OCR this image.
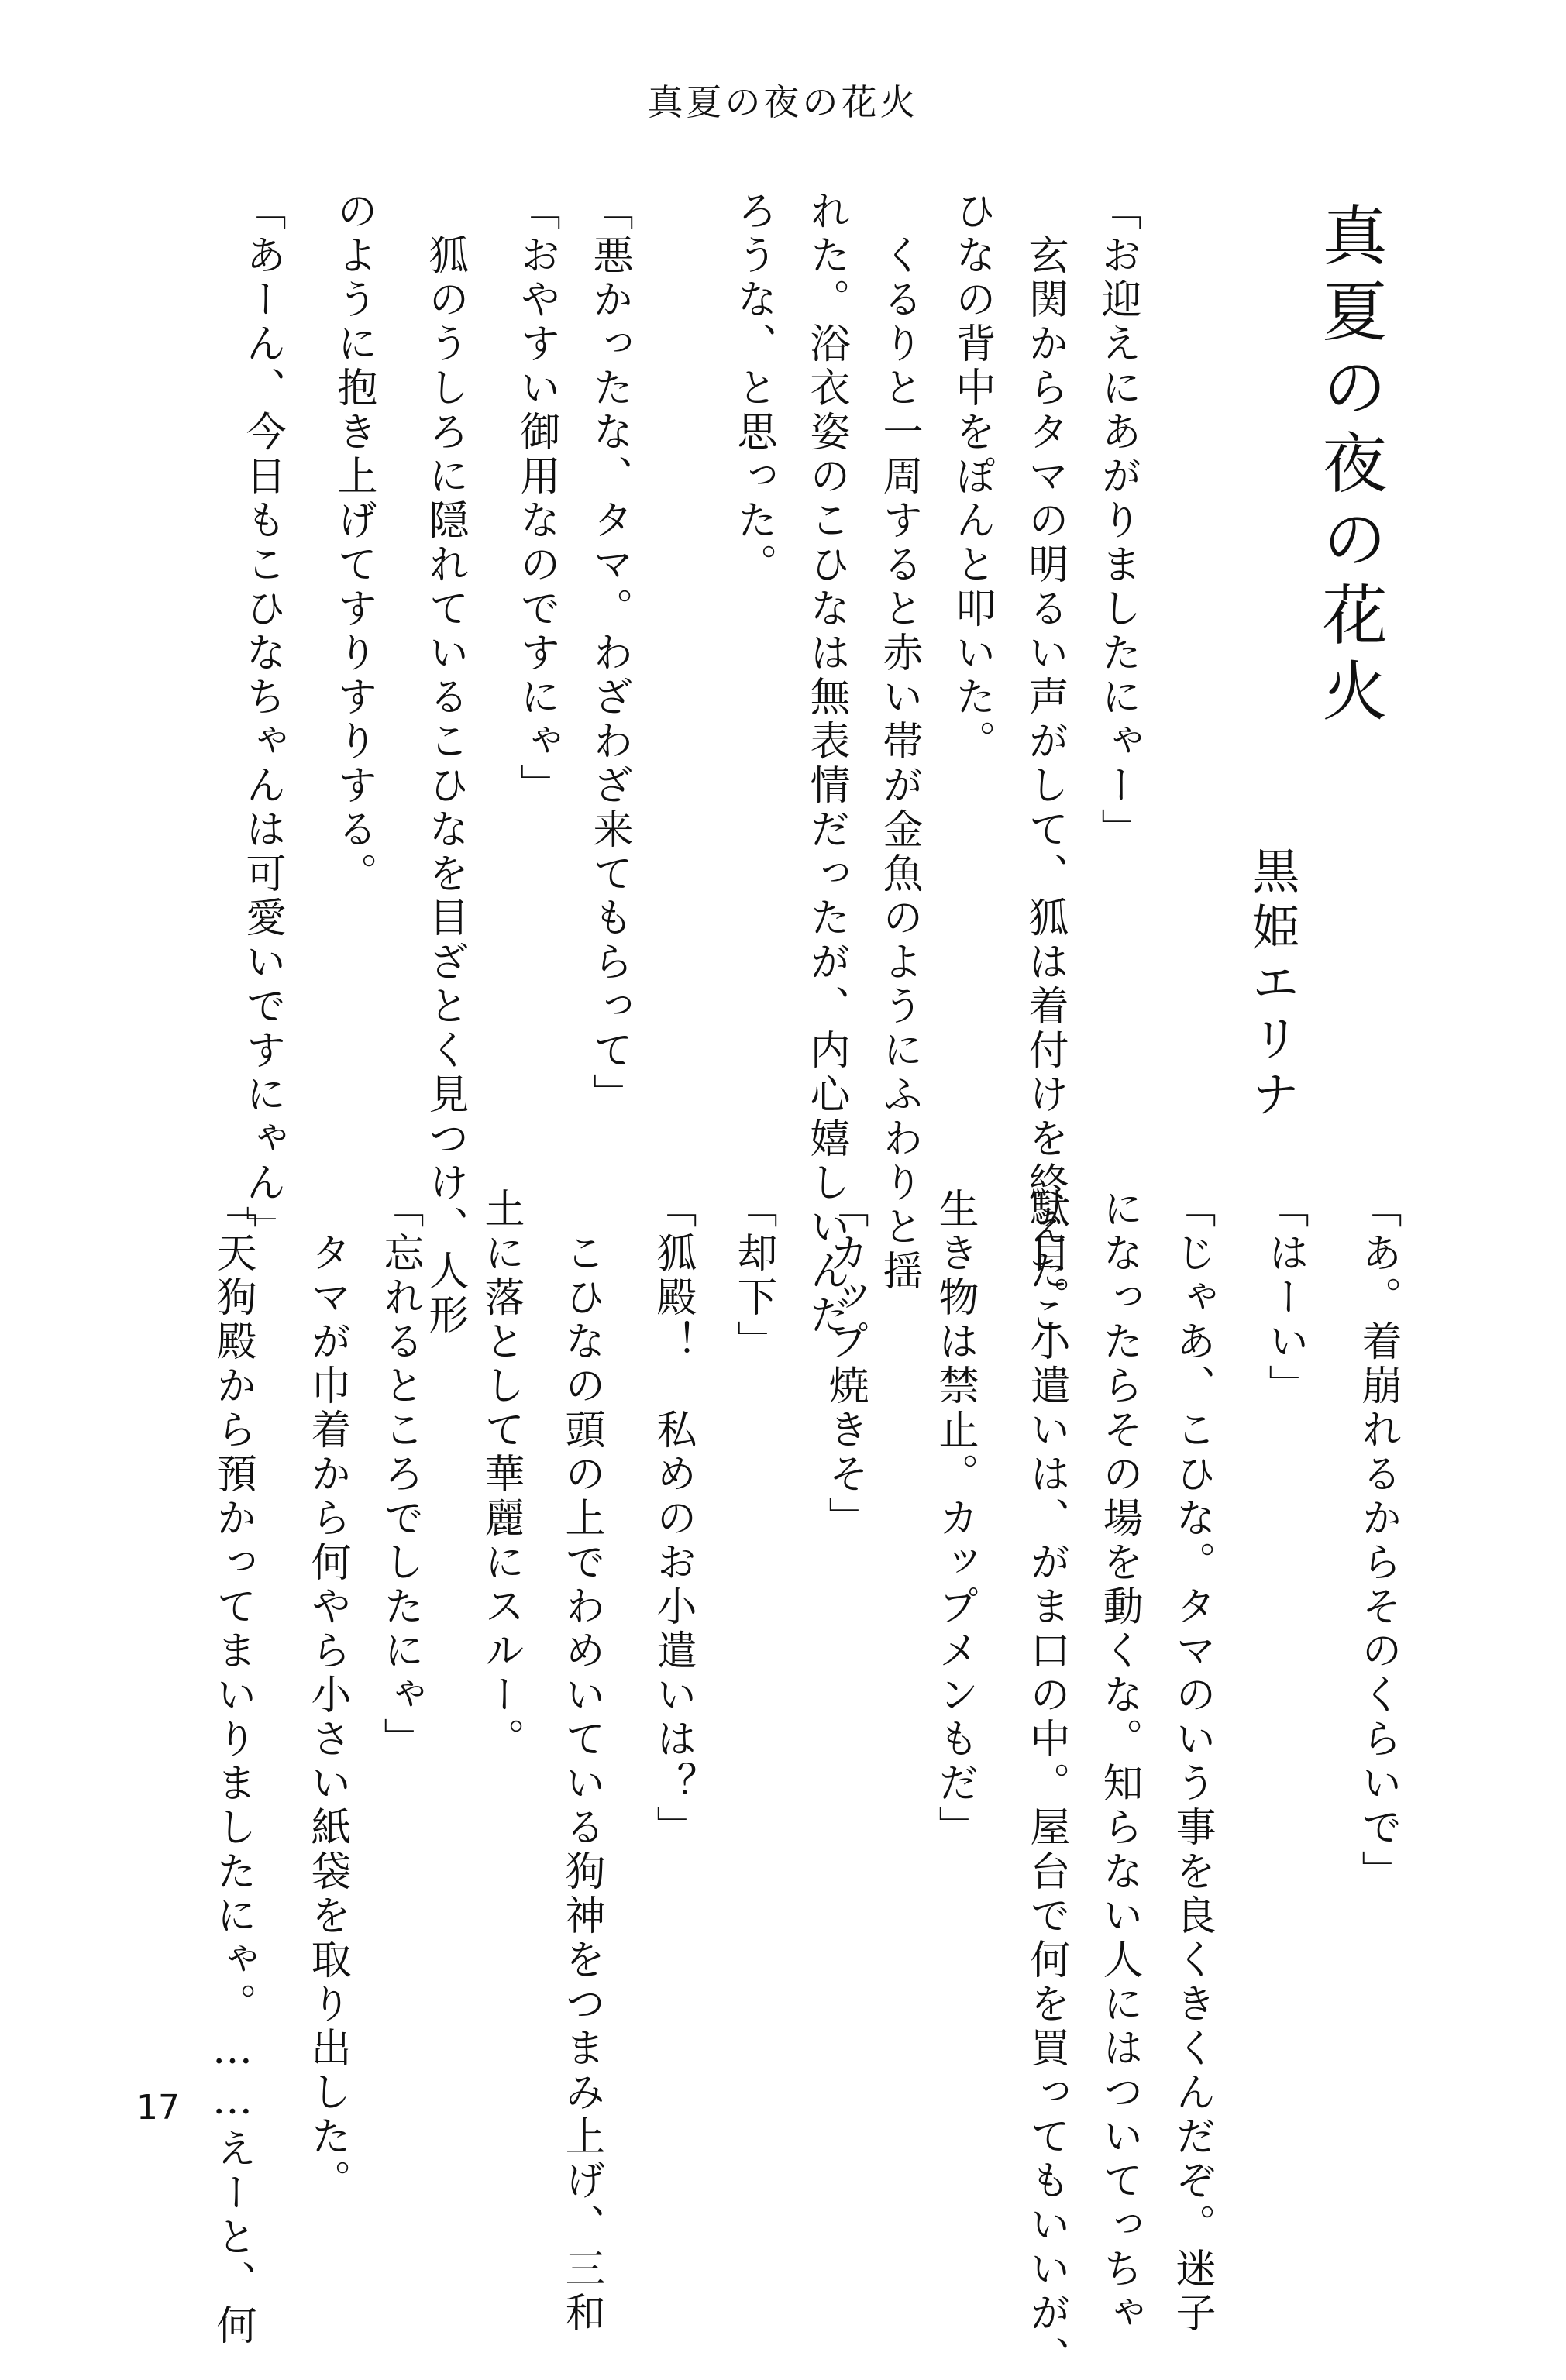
真夏の夜の花火
真夏の夜の花火
黒姫エリナ
「お迎えにあがりましたにゃー」
　玄関からタマの明るい声がして、狐は着付けを終えたこ
ひなの背中をぽんと叩いた。
　くるりと一周すると赤い帯が金魚のようにふわりと揺
れた。浴衣姿のこひなは無表情だったが、内心嬉しいんだ
ろうな、と思った。
「悪かったな、タマ。わざわざ来てもらって」
「おやすい御用なのですにゃ」
　狐のうしろに隠れているこひなを目ざとく見つけ、人形
のように抱き上げてすりすりする。
「あーん、今日もこひなちゃんは可愛いですにゃん」
「あ。着崩れるからそのくらいで」
「はーい」
「じゃあ、こひな。タマのいう事を良くきくんだぞ。迷子
になったらその場を動くな。知らない人にはついてっちゃ
駄目。小遣いは、がま口の中。屋台で何を買ってもいいが、
生き物は禁止。カップメンもだ」
「カップ焼きそ」
「却下」
「狐殿！　私めのお小遣いは？」
　こひなの頭の上でわめいている狗神をつまみ上げ、三和
土に落として華麗にスルー。
「忘れるところでしたにゃ」
　タマが巾着から何やら小さい紙袋を取り出した。
「天狗殿から預かってまいりましたにゃ。……えーと、何
17
